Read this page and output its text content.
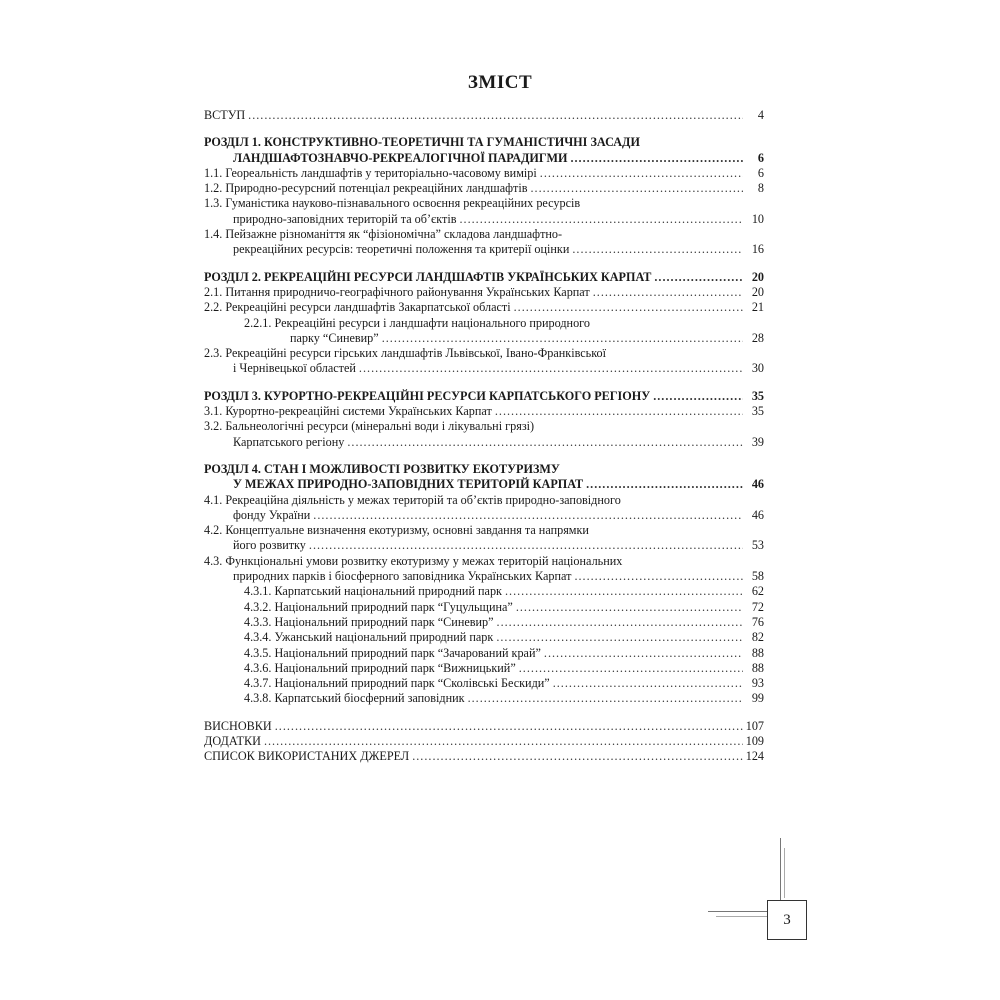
ЗМІСТ
ВСТУП .....	4
РОЗДІЛ 1. КОНСТРУКТИВНО-ТЕОРЕТИЧНІ ТА ГУМАНІСТИЧНІ ЗАСАДИ
ЛАНДШАФТОЗНАВЧО-РЕКРЕАЛОГІЧНОЇ ПАРАДИГМИ .....	6
1.1. Геореальність ландшафтів у територіально-часовому вимірі .....	6
1.2. Природно-ресурсний потенціал рекреаційних ландшафтів .....	8
1.3. Гуманістика науково-пізнавального освоєння рекреаційних ресурсів
природно-заповідних територій та об’єктів .....	10
1.4. Пейзажне різноманіття як “фізіономічна” складова ландшафтно-
рекреаційних ресурсів: теоретичні положення та критерії оцінки .....	16
РОЗДІЛ 2. РЕКРЕАЦІЙНІ РЕСУРСИ ЛАНДШАФТІВ УКРАЇНСЬКИХ КАРПАТ .....	20
2.1. Питання природничо-географічного районування Українських Карпат .....	20
2.2. Рекреаційні ресурси ландшафтів Закарпатської області .....	21
2.2.1. Рекреаційні ресурси і ландшафти національного природного
парку “Синевир” .....	28
2.3. Рекреаційні ресурси гірських ландшафтів Львівської, Івано-Франківської
і Чернівецької областей .....	30
РОЗДІЛ 3. КУРОРТНО-РЕКРЕАЦІЙНІ РЕСУРСИ КАРПАТСЬКОГО РЕГІОНУ .....	35
3.1. Курортно-рекреаційні системи Українських Карпат .....	35
3.2. Бальнеологічні ресурси (мінеральні води і лікувальні грязі)
Карпатського регіону .....	39
РОЗДІЛ 4. СТАН І МОЖЛИВОСТІ РОЗВИТКУ ЕКОТУРИЗМУ
У МЕЖАХ ПРИРОДНО-ЗАПОВІДНИХ ТЕРИТОРІЙ КАРПАТ .....	46
4.1. Рекреаційна діяльність у межах територій та об’єктів природно-заповідного
фонду України .....	46
4.2. Концептуальне визначення екотуризму, основні завдання та напрямки
його розвитку .....	53
4.3. Функціональні умови розвитку екотуризму у межах територій національних
природних парків і біосферного заповідника Українських Карпат .....	58
4.3.1. Карпатський національний природний парк .....	62
4.3.2. Національний природний парк “Гуцульщина” .....	72
4.3.3. Національний природний парк “Синевир” .....	76
4.3.4. Ужанський національний природний парк .....	82
4.3.5. Національний природний парк “Зачарований край” .....	88
4.3.6. Національний природний парк “Вижницький” .....	88
4.3.7. Національний природний парк “Сколівські Бескиди” .....	93
4.3.8. Карпатський біосферний заповідник .....	99
ВИСНОВКИ .....	107
ДОДАТКИ .....	109
СПИСОК ВИКОРИСТАНИХ ДЖЕРЕЛ .....	124
3
